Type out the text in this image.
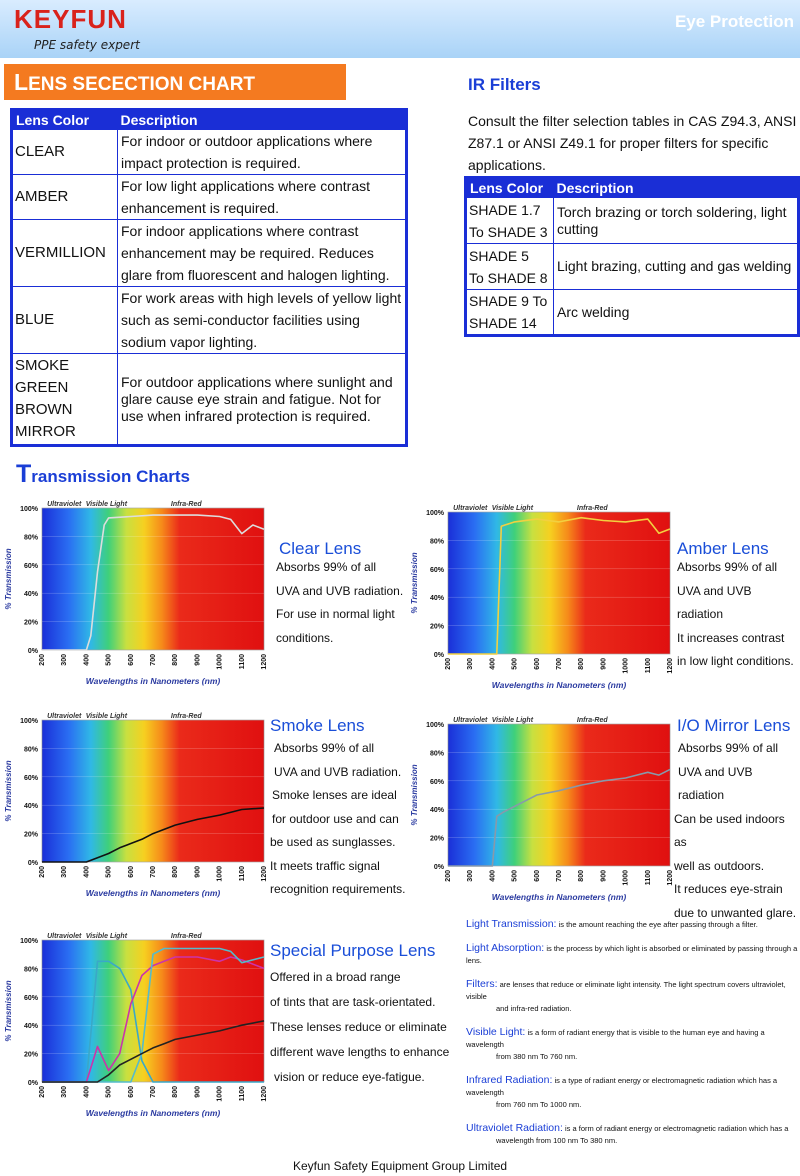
KEYFUN
PPE safety expert
Eye Protection
LENS SECECTION CHART
Lens Color	Description
CLEAR	For indoor or outdoor applications where impact protection is required.
AMBER	For low light applications where contrast enhancement is required.
VERMILLION	For indoor applications where contrast enhancement may be required. Reduces glare from fluorescent and halogen lighting.
BLUE	For work areas with high levels of yellow light such as semi-conductor facilities using sodium vapor lighting.

SMOKE
GREEN
BROWN
MIRROR	For outdoor applications where sunlight and glare cause eye strain and fatigue. Not for use when infrared protection is required.
IR Filters
Consult the filter selection tables in CAS Z94.3, ANSI Z87.1 or ANSI Z49.1 for proper filters for specific applications.
Lens Color	Description

SHADE 1.7
To SHADE 3	Torch brazing or torch soldering, light cutting

SHADE 5
To SHADE 8	Light brazing, cutting and gas welding

SHADE 9 To
SHADE 14	Arc welding
Transmission Charts
0%
20%
40%
60%
80%
100%
200 300 400 500 600 700 800 900 1000 1100 1200
Ultraviolet Visible Light	Infra-Red
% Transmission
Wavelengths in Nanometers (nm)
0%
20%
40%
60%
80%
100%
200 300 400 500 600 700 800 900 1000 1100 1200
Ultraviolet Visible Light	Infra-Red
% Transmission
Wavelengths in Nanometers (nm)
0%
20%
40%
60%
80%
100%
200 300 400 500 600 700 800 900 1000 1100 1200
Ultraviolet Visible Light	Infra-Red
% Transmission
Wavelengths in Nanometers (nm)
0%
20%
40%
60%
80%
100%
200 300 400 500 600 700 800 900 1000 1100 1200
Ultraviolet Visible Light	Infra-Red
% Transmission
Wavelengths in Nanometers (nm)
0%
20%
40%
60%
80%
100%
200 300 400 500 600 700 800 900 1000 1100 1200
Ultraviolet Visible Light	Infra-Red
% Transmission
Wavelengths in Nanometers (nm)
Clear Lens
Absorbs 99% of all
UVA and UVB radiation.
For use in normal light
conditions.
Amber Lens
Absorbs 99% of all
UVA and UVB radiation
It increases contrast
in low light conditions.
Smoke Lens
Absorbs 99% of all
UVA and UVB radiation.
Smoke lenses are ideal
for outdoor use and can
be used as sunglasses.
It meets traffic signal
recognition requirements.
I/O Mirror Lens
Absorbs 99% of all
UVA and UVB radiation
Can be used indoors as
well as outdoors.
It reduces eye-strain
due to unwanted glare.
Special Purpose Lens
Offered in a broad range
of tints that are task-orientated.
These lenses reduce or eliminate
different wave lengths to enhance
vision or reduce eye-fatigue.
Light Transmission: is the amount reaching the eye after passing through a filter.
Light Absorption: is the process by which light is absorbed or eliminated by passing through a lens.
Filters: are lenses that reduce or eliminate light intensity. The light spectrum covers ultraviolet, visible
and infra-red radiation.
Visible Light: is a form of radiant energy that is visible to the human eye and having a wavelength
from 380 nm To 760 nm.
Infrared Radiation: is a type of radiant energy or electromagnetic radiation which has a wavelength
from 760 nm To 1000 nm.
Ultraviolet Radiation: is a form of radiant energy or electromagnetic radiation which has a
wavelength from 100 nm To 380 nm.
Keyfun Safety Equipment Group Limited
